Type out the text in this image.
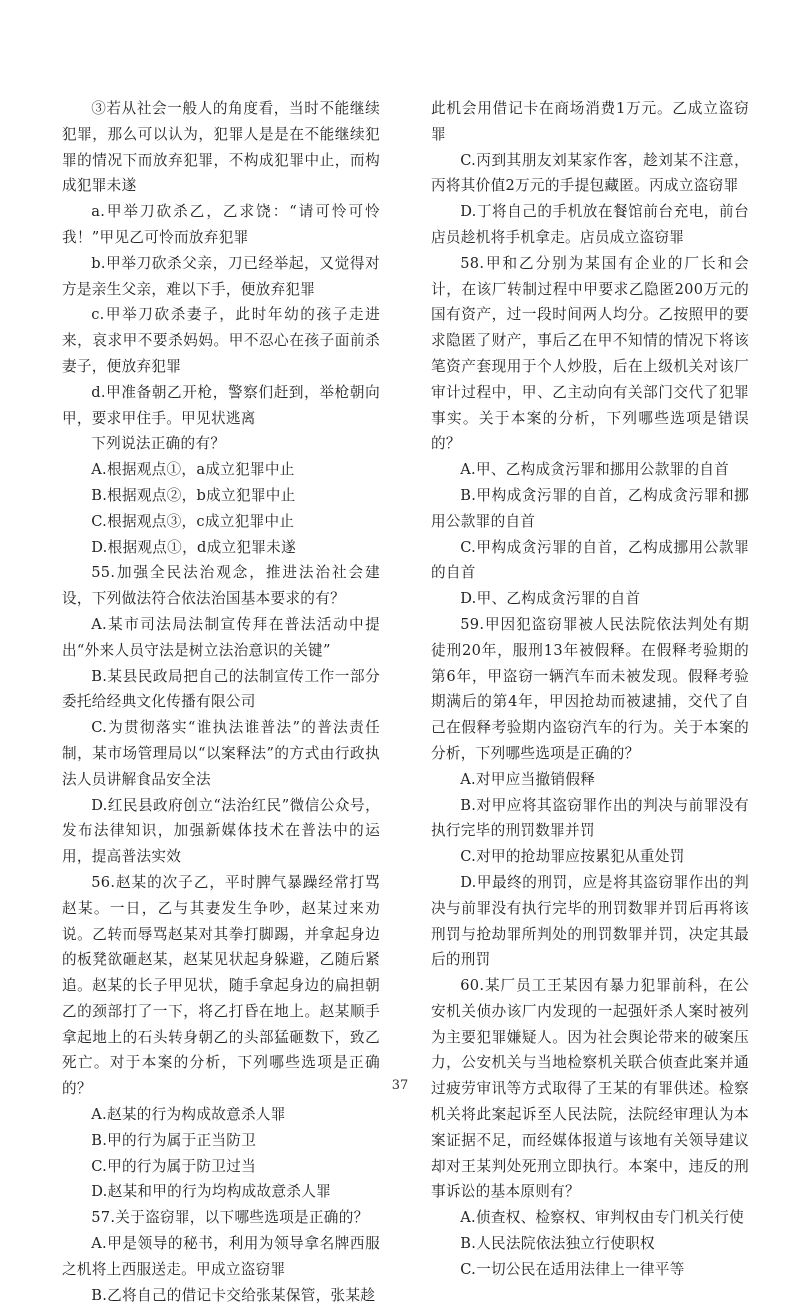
③若从社会一般人的角度看，当时不能继续犯罪，那么可以认为，犯罪人是是在不能继续犯罪的情况下而放弃犯罪，不构成犯罪中止，而构成犯罪未遂

a.甲举刀砍杀乙，乙求饶：“请可怜可怜我！”甲见乙可怜而放弃犯罪

b.甲举刀砍杀父亲，刀已经举起，又觉得对方是亲生父亲，难以下手，便放弃犯罪

c.甲举刀砍杀妻子，此时年幼的孩子走进来，哀求甲不要杀妈妈。甲不忍心在孩子面前杀妻子，便放弃犯罪

d.甲准备朝乙开枪，警察们赶到，举枪朝向甲，要求甲住手。甲见状逃离

下列说法正确的有？

A.根据观点①，a成立犯罪中止

B.根据观点②，b成立犯罪中止

C.根据观点③，c成立犯罪中止

D.根据观点①，d成立犯罪未遂

55.加强全民法治观念，推进法治社会建设，下列做法符合依法治国基本要求的有？

A.某市司法局法制宣传拜在普法活动中提出“外来人员守法是树立法治意识的关键”

B.某县民政局把自己的法制宣传工作一部分委托给经典文化传播有限公司

C.为贯彻落实“谁执法谁普法”的普法责任制，某市场管理局以“以案释法”的方式由行政执法人员讲解食品安全法

D.红民县政府创立“法治红民”微信公众号，发布法律知识，加强新媒体技术在普法中的运用，提高普法实效

56.赵某的次子乙，平时脾气暴躁经常打骂赵某。一日，乙与其妻发生争吵，赵某过来劝说。乙转而辱骂赵某对其拳打脚踢，并拿起身边的板凳欲砸赵某，赵某见状起身躲避，乙随后紧追。赵某的长子甲见状，随手拿起身边的扁担朝乙的颈部打了一下，将乙打昏在地上。赵某顺手拿起地上的石头转身朝乙的头部猛砸数下，致乙死亡。对于本案的分析，下列哪些选项是正确的？

A.赵某的行为构成故意杀人罪

B.甲的行为属于正当防卫

C.甲的行为属于防卫过当

D.赵某和甲的行为均构成故意杀人罪

57.关于盗窃罪，以下哪些选项是正确的？

A.甲是领导的秘书，利用为领导拿名牌西服之机将上西服送走。甲成立盗窃罪

B.乙将自己的借记卡交给张某保管，张某趁

此机会用借记卡在商场消费1万元。乙成立盗窃罪

C.丙到其朋友刘某家作客，趁刘某不注意，丙将其价值2万元的手提包藏匿。丙成立盗窃罪

D.丁将自己的手机放在餐馆前台充电，前台店员趁机将手机拿走。店员成立盗窃罪

58.甲和乙分别为某国有企业的厂长和会计，在该厂转制过程中甲要求乙隐匿200万元的国有资产，过一段时间两人均分。乙按照甲的要求隐匿了财产，事后乙在甲不知情的情况下将该笔资产套现用于个人炒股，后在上级机关对该厂审计过程中，甲、乙主动向有关部门交代了犯罪事实。关于本案的分析，下列哪些选项是错误的？

A.甲、乙构成贪污罪和挪用公款罪的自首

B.甲构成贪污罪的自首，乙构成贪污罪和挪用公款罪的自首

C.甲构成贪污罪的自首，乙构成挪用公款罪的自首

D.甲、乙构成贪污罪的自首

59.甲因犯盗窃罪被人民法院依法判处有期徒刑20年，服刑13年被假释。在假释考验期的第6年，甲盗窃一辆汽车而未被发现。假释考验期满后的第4年，甲因抢劫而被逮捕，交代了自己在假释考验期内盗窃汽车的行为。关于本案的分析，下列哪些选项是正确的？

A.对甲应当撤销假释

B.对甲应将其盗窃罪作出的判决与前罪没有执行完毕的刑罚数罪并罚

C.对甲的抢劫罪应按累犯从重处罚

D.甲最终的刑罚，应是将其盗窃罪作出的判决与前罪没有执行完毕的刑罚数罪并罚后再将该刑罚与抢劫罪所判处的刑罚数罪并罚，决定其最后的刑罚

60.某厂员工王某因有暴力犯罪前科，在公安机关侦办该厂内发现的一起强奸杀人案时被列为主要犯罪嫌疑人。因为社会舆论带来的破案压力，公安机关与当地检察机关联合侦查此案并通过疲劳审讯等方式取得了王某的有罪供述。检察机关将此案起诉至人民法院，法院经审理认为本案证据不足，而经媒体报道与该地有关领导建议却对王某判处死刑立即执行。本案中，违反的刑事诉讼的基本原则有？

A.侦查权、检察权、审判权由专门机关行使

B.人民法院依法独立行使职权

C.一切公民在适用法律上一律平等

37
